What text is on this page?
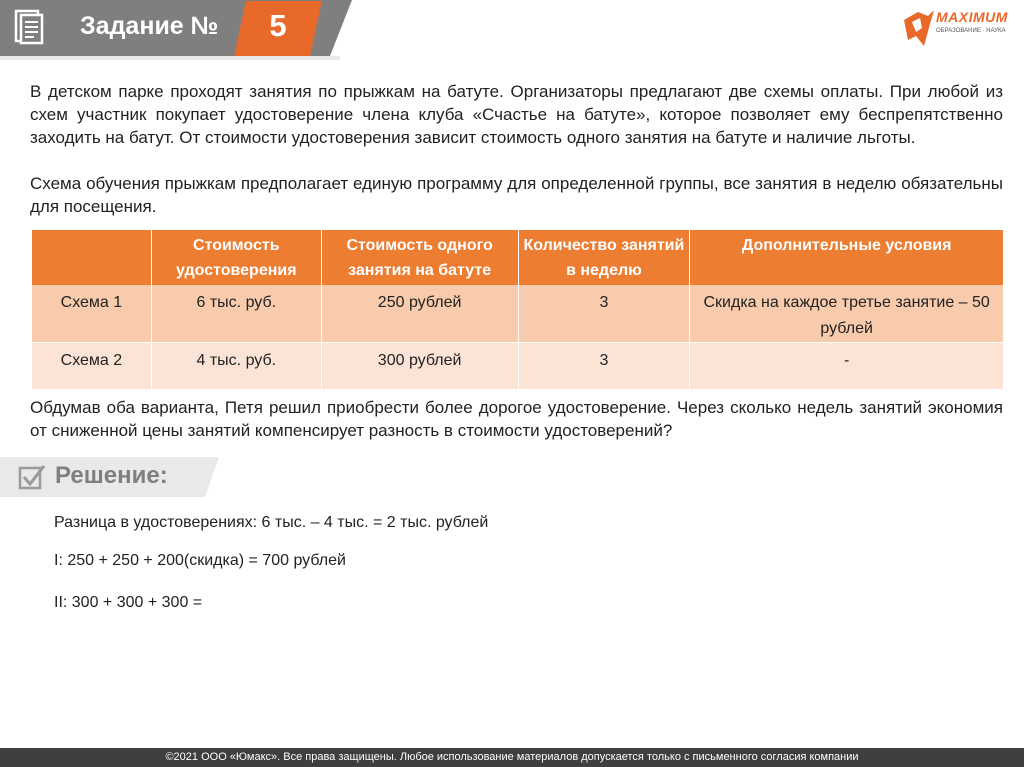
Задание №	5	MAXIMUM
ОБРАЗОВАНИЕ · НАУКА

В детском парке проходят занятия по прыжкам на батуте. Организаторы предлагают две схемы оплаты. При любой из схем участник покупает удостоверение члена клуба «Счастье на батуте», которое позволяет ему беспрепятственно заходить на батут. От стоимости удостоверения зависит стоимость одного занятия на батуте и наличие льготы.

Схема обучения прыжкам предполагает единую программу для определенной группы, все занятия в неделю обязательны для посещения.

	Стоимость удостоверения	Стоимость одного занятия на батуте	Количество занятий в неделю	Дополнительные условия
Схема 1	6 тыс. руб.	250 рублей	3	Скидка на каждое третье занятие – 50 рублей
Схема 2	4 тыс. руб.	300 рублей	3	-

Обдумав оба варианта, Петя решил приобрести более дорогое удостоверение. Через сколько недель занятий экономия от сниженной цены занятий компенсирует разность в стоимости удостоверений?

Решение:
Разница в удостоверениях: 6 тыс. – 4 тыс. = 2 тыс. рублей
I: 250 + 250 + 200(скидка) = 700 рублей
II: 300 + 300 + 300 =
©2021 ООО «Юмакс». Все права защищены. Любое использование материалов допускается только с письменного согласия компании
